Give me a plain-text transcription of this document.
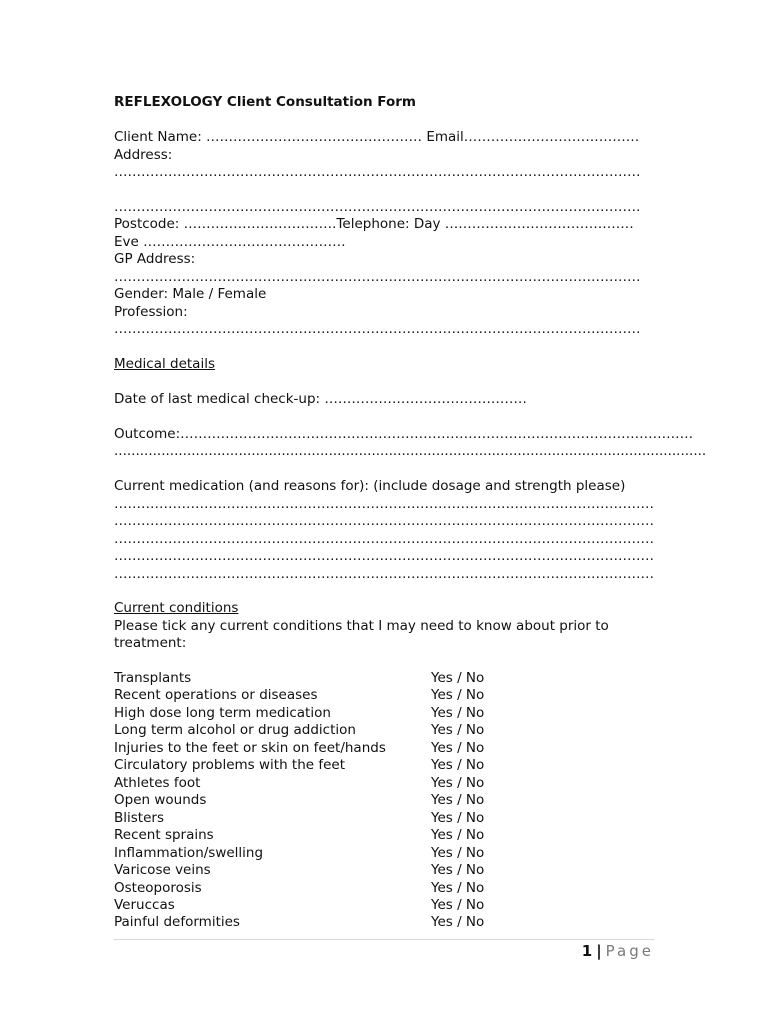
REFLEXOLOGY Client Consultation Form
Client Name: ………………………………………… Email…………………………………
Address:
………………………………………………………………………………………………………
………………………………………………………………………………………………………
Postcode: …………………………….Telephone: Day ……………………………………
Eve ………………………………………
GP Address:
………………………………………………………………………………………………………
Gender: Male / Female
Profession:
………………………………………………………………………………………………………
Medical details
Date of last medical check-up: ………………………………………
Outcome:……………………………………………………………………………………………………
..........................................................................................................................................
Current medication (and reasons for): (include dosage and strength please)
…………………………………………………………………………………………………………
…………………………………………………………………………………………………………
…………………………………………………………………………………………………………
…………………………………………………………………………………………………………
…………………………………………………………………………………………………………
Current conditions
Please tick any current conditions that I may need to know about prior to
treatment:
Transplants	Yes / No
Recent operations or diseases	Yes / No
High dose long term medication	Yes / No
Long term alcohol or drug addiction	Yes / No
Injuries to the feet or skin on feet/hands	Yes / No
Circulatory problems with the feet	Yes / No
Athletes foot	Yes / No
Open wounds	Yes / No
Blisters	Yes / No
Recent sprains	Yes / No
Inflammation/swelling	Yes / No
Varicose veins	Yes / No
Osteoporosis	Yes / No
Veruccas	Yes / No
Painful deformities	Yes / No
1 | Page
